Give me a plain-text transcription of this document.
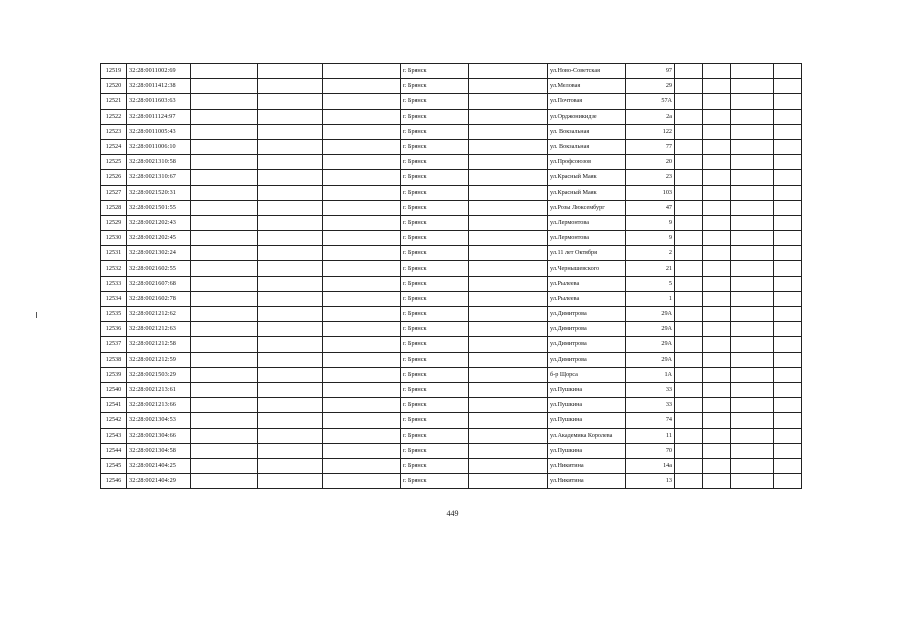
12519	32:28:0011002:69				г. Брянск		ул.Ново-Советская	97				
12520	32:28:0011412:38				г. Брянск		ул.Меловая	29				
12521	32:28:0011603:63				г. Брянск		ул.Почтовая	57А				
12522	32:28:0011124:97				г. Брянск		ул.Орджоникидзе	2а				
12523	32:28:0011005:43				г. Брянск		ул. Вокзальная	122				
12524	32:28:0011006:10				г. Брянск		ул. Вокзальная	77				
12525	32:28:0021310:58				г. Брянск		ул.Профсоюзов	20				
12526	32:28:0021310:67				г. Брянск		ул.Красный Маяк	23				
12527	32:28:0021520:31				г. Брянск		ул.Красный Маяк	103				
12528	32:28:0021501:55				г. Брянск		ул.Розы Люксембург	47				
12529	32:28:0021202:43				г. Брянск		ул.Лермонтова	9				
12530	32:28:0021202:45				г. Брянск		ул.Лермонтова	9				
12531	32:28:0021302:24				г. Брянск		ул.11 лет Октября	2				
12532	32:28:0021602:55				г. Брянск		ул.Чернышевского	21				
12533	32:28:0021607:68				г. Брянск		ул.Рылеева	5				
12534	32:28:0021602:78				г. Брянск		ул.Рылеева	1				
12535	32:28:0021212:62				г. Брянск		ул.Димитрова	29А				
12536	32:28:0021212:63				г. Брянск		ул.Димитрова	29А				
12537	32:28:0021212:58				г. Брянск		ул.Димитрова	29А				
12538	32:28:0021212:59				г. Брянск		ул.Димитрова	29А				
12539	32:28:0021503:29				г. Брянск		б-р Щорса	1А				
12540	32:28:0021213:61				г. Брянск		ул.Пушкина	33				
12541	32:28:0021213:66				г. Брянск		ул.Пушкина	33				
12542	32:28:0021304:53				г. Брянск		ул.Пушкина	74				
12543	32:28:0021304:66				г. Брянск		ул.Академика Королева	11				
12544	32:28:0021304:58				г. Брянск		ул.Пушкина	70				
12545	32:28:0021404:25				г. Брянск		ул.Никитина	14а				
12546	32:28:0021404:29				г. Брянск		ул.Никитина	13				
449
